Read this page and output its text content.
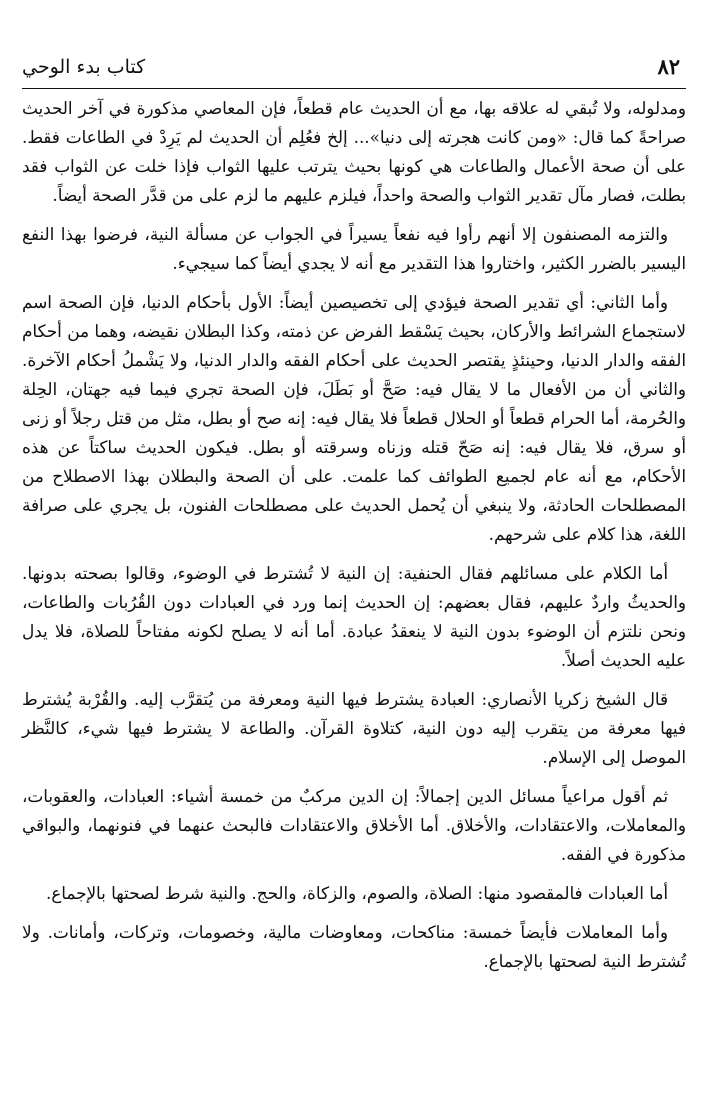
٨٢
كتاب بدء الوحي

ومدلوله، ولا تُبقي له علاقه بها، مع أن الحديث عام قطعاً، فإن المعاصي مذكورة في آخر الحديث صراحةً كما قال: «ومن كانت هجرته إلى دنيا»... إلخ فعُلِم أن الحديث لم يَرِدْ في الطاعات فقط. على أن صحة الأعمال والطاعات هي كونها بحيث يترتب عليها الثواب فإذا خلت عن الثواب فقد بطلت، فصار مآل تقدير الثواب والصحة واحداً، فيلزم عليهم ما لزم على من قدَّر الصحة أيضاً.

والتزمه المصنفون إلا أنهم رأوا فيه نفعاً يسيراً في الجواب عن مسألة النية، فرضوا بهذا النفع اليسير بالضرر الكثير، واختاروا هذا التقدير مع أنه لا يجدي أيضاً كما سيجيء.

وأما الثاني: أي تقدير الصحة فيؤدي إلى تخصيصين أيضاً: الأول بأحكام الدنيا، فإن الصحة اسم لاستجماع الشرائط والأركان، بحيث يَسْقط الفرض عن ذمته، وكذا البطلان نقيضه، وهما من أحكام الفقه والدار الدنيا، وحينئذٍ يقتصر الحديث على أحكام الفقه والدار الدنيا، ولا يَشْملُ أحكام الآخرة. والثاني أن من الأفعال ما لا يقال فيه: صَحَّ أو بَطَلَ، فإن الصحة تجري فيما فيه جهتان، الحِلة والحُرمة، أما الحرام قطعاً أو الحلال قطعاً فلا يقال فيه: إنه صح أو بطل، مثل من قتل رجلاً أو زنى أو سرق، فلا يقال فيه: إنه صَحّ قتله وزناه وسرقته أو بطل. فيكون الحديث ساكتاً عن هذه الأحكام، مع أنه عام لجميع الطوائف كما علمت. على أن الصحة والبطلان بهذا الاصطلاح من المصطلحات الحادثة، ولا ينبغي أن يُحمل الحديث على مصطلحات الفنون، بل يجري على صرافة اللغة، هذا كلام على شرحهم.

أما الكلام على مسائلهم فقال الحنفية: إن النية لا تُشترط في الوضوء، وقالوا بصحته بدونها. والحديثُ واردٌ عليهم، فقال بعضهم: إن الحديث إنما ورد في العبادات دون القُرُبات والطاعات، ونحن نلتزم أن الوضوء بدون النية لا ينعقدُ عبادة. أما أنه لا يصلح لكونه مفتاحاً للصلاة، فلا يدل عليه الحديث أصلاً.

قال الشيخ زكريا الأنصاري: العبادة يشترط فيها النية ومعرفة من يُتقرَّب إليه. والقُرْبة يُشترط فيها معرفة من يتقرب إليه دون النية، كتلاوة القرآن. والطاعة لا يشترط فيها شيء، كالنَّظر الموصل إلى الإسلام.

ثم أقول مراعياً مسائل الدين إجمالاً: إن الدين مركبٌ من خمسة أشياء: العبادات، والعقوبات، والمعاملات، والاعتقادات، والأخلاق. أما الأخلاق والاعتقادات فالبحث عنهما في فنونهما، والبواقي مذكورة في الفقه.

أما العبادات فالمقصود منها: الصلاة، والصوم، والزكاة، والحج. والنية شرط لصحتها بالإجماع.

وأما المعاملات فأيضاً خمسة: مناكحات، ومعاوضات مالية، وخصومات، وتركات، وأمانات. ولا تُشترط النية لصحتها بالإجماع.
